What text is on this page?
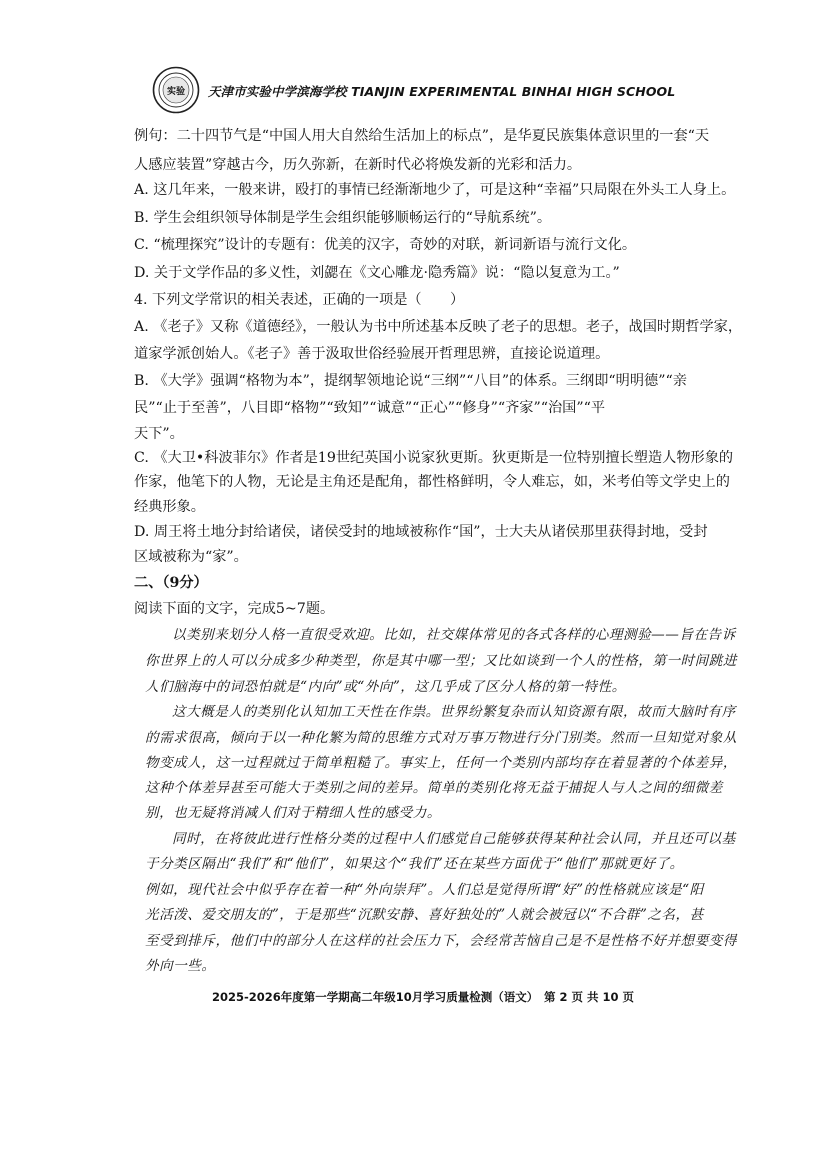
实验 天津市实验中学滨海学校 TIANJIN EXPERIMENTAL BINHAI HIGH SCHOOL
例句：二十四节气是“中国人用大自然给生活加上的标点”，是华夏民族集体意识里的一套“天
人感应装置”穿越古今，历久弥新，在新时代必将焕发新的光彩和活力。
A. 这几年来，一般来讲，殴打的事情已经渐渐地少了，可是这种“幸福”只局限在外头工人身上。
B. 学生会组织领导体制是学生会组织能够顺畅运行的“导航系统”。
C. “梳理探究”设计的专题有：优美的汉字，奇妙的对联，新词新语与流行文化。
D. 关于文学作品的多义性，刘勰在《文心雕龙·隐秀篇》说：“隐以复意为工。”
4. 下列文学常识的相关表述，正确的一项是（　　）
A. 《老子》又称《道德经》，一般认为书中所述基本反映了老子的思想。老子，战国时期哲学家，
道家学派创始人。《老子》善于汲取世俗经验展开哲理思辨，直接论说道理。
B. 《大学》强调“格物为本”，提纲挈领地论说“三纲”“八目”的体系。三纲即“明明德”“亲
民”“止于至善”，八目即“格物”“致知”“诚意”“正心”“修身”“齐家”“治国”“平
天下”。
C. 《大卫•科波菲尔》作者是19世纪英国小说家狄更斯。狄更斯是一位特别擅长塑造人物形象的
作家，他笔下的人物，无论是主角还是配角，都性格鲜明，令人难忘，如，米考伯等文学史上的
经典形象。
D. 周王将土地分封给诸侯，诸侯受封的地域被称作“国”，士大夫从诸侯那里获得封地，受封
区域被称为“家”。
二、（9分）
阅读下面的文字，完成5~7题。
以类别来划分人格一直很受欢迎。比如，社交媒体常见的各式各样的心理测验——旨在告诉
你世界上的人可以分成多少种类型，你是其中哪一型；又比如谈到一个人的性格，第一时间跳进
人们脑海中的词恐怕就是“内向”或“外向”，这几乎成了区分人格的第一特性。
这大概是人的类别化认知加工天性在作祟。世界纷繁复杂而认知资源有限，故而大脑时有序
的需求很高，倾向于以一种化繁为简的思维方式对万事万物进行分门别类。然而一旦知觉对象从
物变成人，这一过程就过于简单粗糙了。事实上，任何一个类别内部均存在着显著的个体差异，
这种个体差异甚至可能大于类别之间的差异。简单的类别化将无益于捕捉人与人之间的细微差
别，也无疑将消减人们对于精细人性的感受力。
同时，在将彼此进行性格分类的过程中人们感觉自己能够获得某种社会认同，并且还可以基
于分类区隔出“我们”和“他们”，如果这个“我们”还在某些方面优于“他们”那就更好了。
例如，现代社会中似乎存在着一种“外向崇拜”。人们总是觉得所谓“好”的性格就应该是“阳
光活泼、爱交朋友的”，于是那些“沉默安静、喜好独处的”人就会被冠以“不合群”之名，甚
至受到排斥，他们中的部分人在这样的社会压力下，会经常苦恼自己是不是性格不好并想要变得
外向一些。
2025-2026年度第一学期高二年级10月学习质量检测（语文）　第 2 页 共 10 页
